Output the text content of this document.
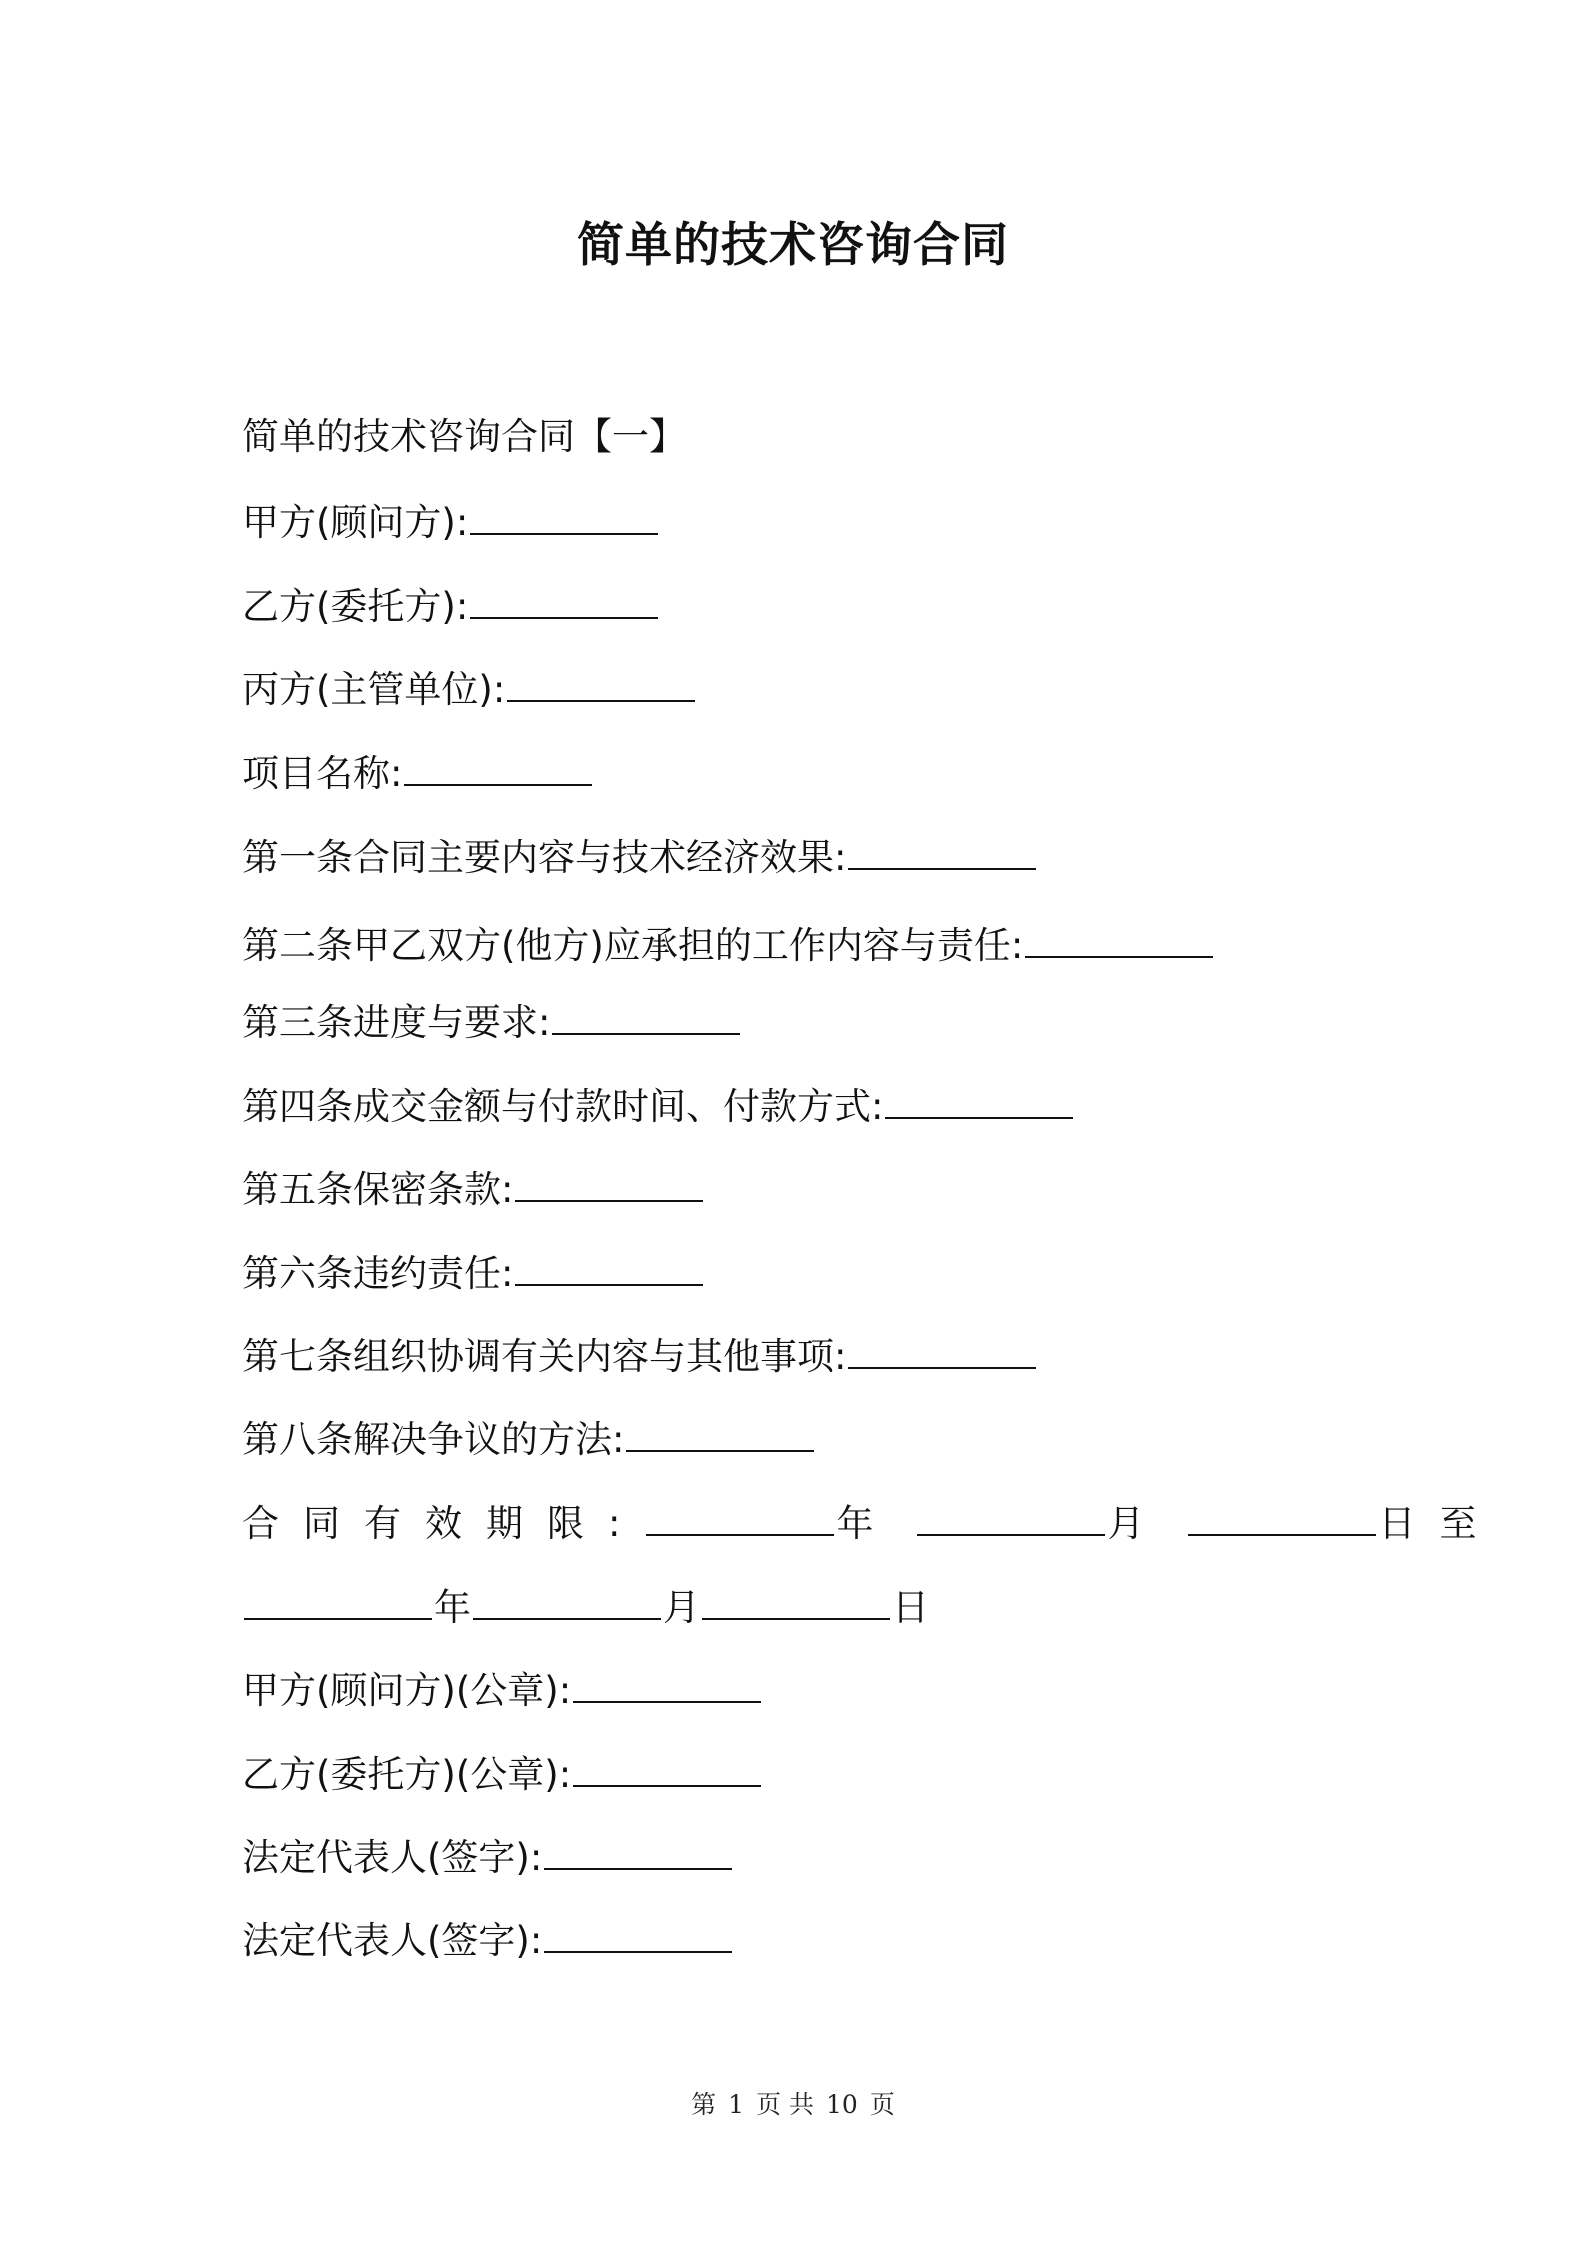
简单的技术咨询合同
简单的技术咨询合同【一】
甲方(顾问方):
乙方(委托方):
丙方(主管单位):
项目名称:
第一条合同主要内容与技术经济效果:
第二条甲乙双方(他方)应承担的工作内容与责任:
第三条进度与要求:
第四条成交金额与付款时间、付款方式:
第五条保密条款:
第六条违约责任:
第七条组织协调有关内容与其他事项:
第八条解决争议的方法:
合同有效期限:	年	月	日至
年	月	日
甲方(顾问方)(公章):
乙方(委托方)(公章):
法定代表人(签字):
法定代表人(签字):
第 1 页 共 10 页
